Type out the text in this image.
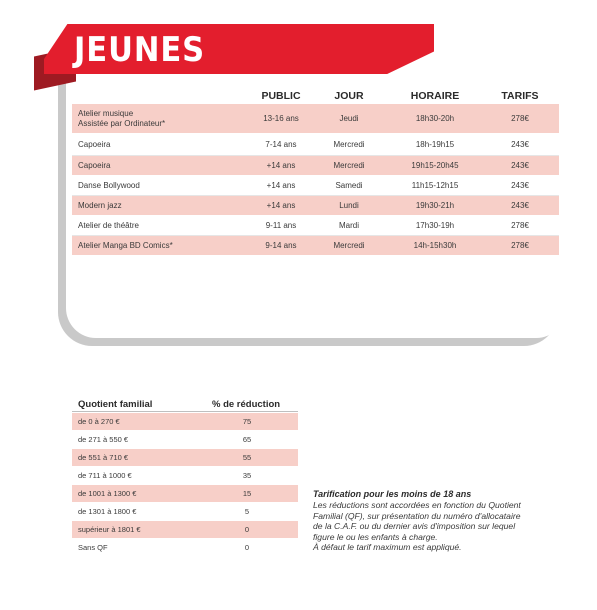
JEUNES
PUBLIC	JOUR	HORAIRE	TARIFS
Atelier musique
Assistée par Ordinateur*	13-16 ans	Jeudi	18h30-20h	278€
Capoeira	7-14 ans	Mercredi	18h-19h15	243€
Capoeira	+14 ans	Mercredi	19h15-20h45	243€
Danse Bollywood	+14 ans	Samedi	11h15-12h15	243€
Modern jazz	+14 ans	Lundi	19h30-21h	243€
Atelier de théâtre	9-11 ans	Mardi	17h30-19h	278€
Atelier Manga BD Comics*	9-14 ans	Mercredi	14h-15h30h	278€
Quotient familial	% de réduction
de 0 à 270 €	75
de 271 à 550 €	65
de 551 à 710 €	55
de 711 à 1000 €	35
de 1001 à 1300 €	15
de 1301 à 1800 €	5
supérieur à 1801 €	0
Sans QF	0
Tarification pour les moins de 18 ans
Les réductions sont accordées en fonction du Quotient
Familial (QF), sur présentation du numéro d'allocataire
de la C.A.F. ou du dernier avis d'imposition sur lequel
figure le ou les enfants à charge.
À défaut le tarif maximum est appliqué.
